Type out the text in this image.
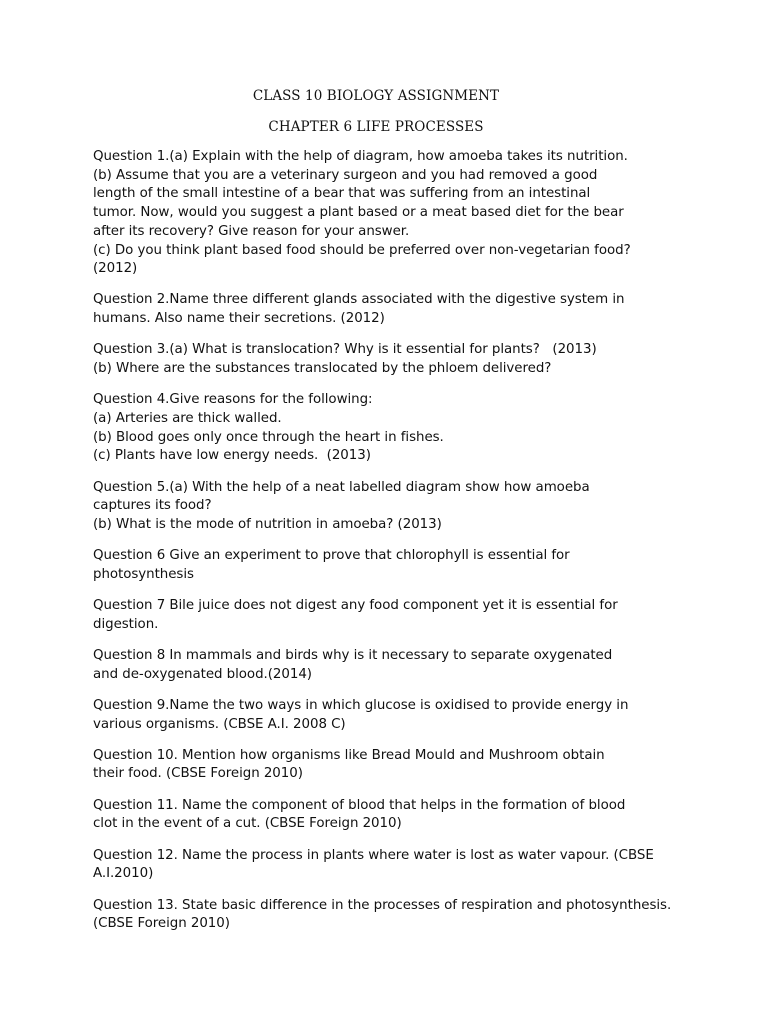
CLASS 10 BIOLOGY ASSIGNMENT
CHAPTER 6 LIFE PROCESSES
Question 1.(a) Explain with the help of diagram, how amoeba takes its nutrition.
(b) Assume that you are a veterinary surgeon and you had removed a good
length of the small intestine of a bear that was suffering from an intestinal
tumor. Now, would you suggest a plant based or a meat based diet for the bear
after its recovery? Give reason for your answer.
(c) Do you think plant based food should be preferred over non-vegetarian food?
(2012)
Question 2.Name three different glands associated with the digestive system in
humans. Also name their secretions. (2012)
Question 3.(a) What is translocation? Why is it essential for plants?   (2013)
(b) Where are the substances translocated by the phloem delivered?
Question 4.Give reasons for the following:
(a) Arteries are thick walled.
(b) Blood goes only once through the heart in fishes.
(c) Plants have low energy needs.  (2013)
Question 5.(a) With the help of a neat labelled diagram show how amoeba
captures its food?
(b) What is the mode of nutrition in amoeba? (2013)
Question 6 Give an experiment to prove that chlorophyll is essential for
photosynthesis
Question 7 Bile juice does not digest any food component yet it is essential for
digestion.
Question 8 In mammals and birds why is it necessary to separate oxygenated
and de-oxygenated blood.(2014)
Question 9.Name the two ways in which glucose is oxidised to provide energy in
various organisms. (CBSE A.I. 2008 C)
Question 10. Mention how organisms like Bread Mould and Mushroom obtain
their food. (CBSE Foreign 2010)
Question 11. Name the component of blood that helps in the formation of blood
clot in the event of a cut. (CBSE Foreign 2010)
Question 12. Name the process in plants where water is lost as water vapour. (CBSE
A.I.2010)
Question 13. State basic difference in the processes of respiration and photosynthesis.
(CBSE Foreign 2010)
